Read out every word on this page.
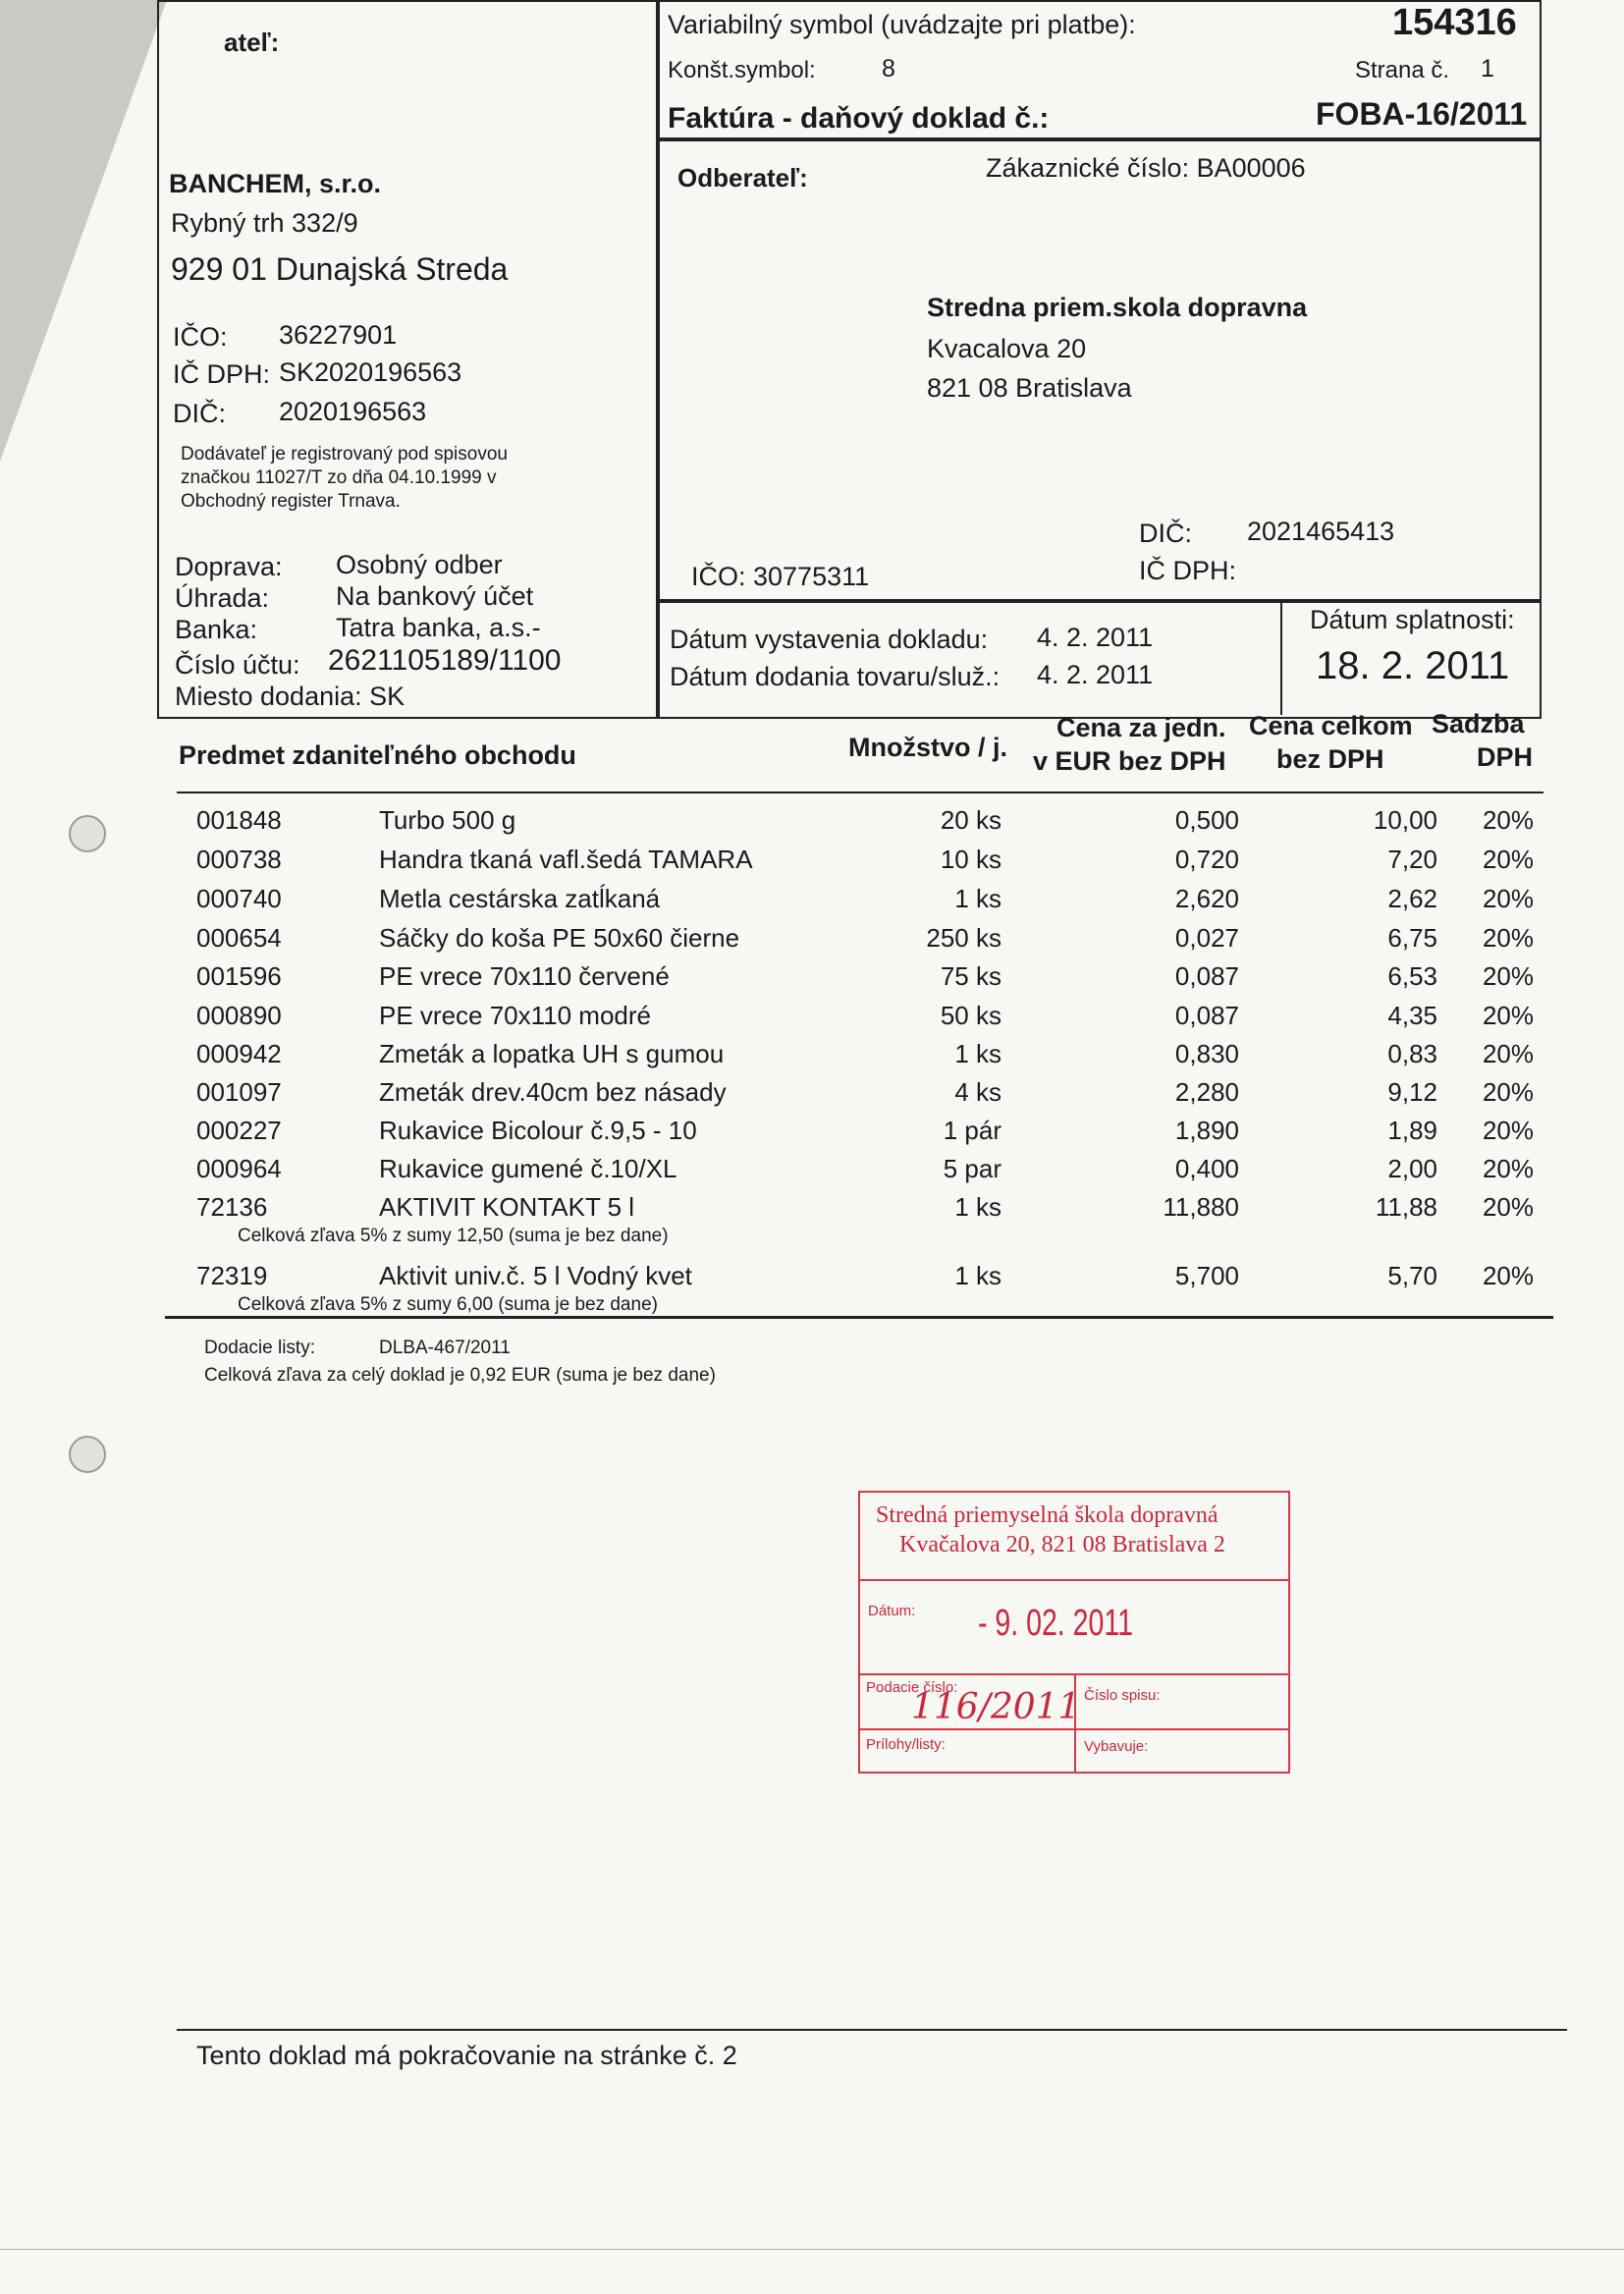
ateľ:
BANCHEM, s.r.o.
Rybný trh 332/9
929 01 Dunajská Streda
IČO: 36227901
IČ DPH: SK2020196563
DIČ: 2020196563
Dodávateľ je registrovaný pod spisovou
značkou 11027/T zo dňa 04.10.1999 v
Obchodný register Trnava.
Doprava: Osobný odber
Úhrada:	Na bankový účet
Banka:	Tatra banka, a.s.-
Číslo účtu: 2621105189/1100
Miesto dodania: SK
Variabilný symbol (uvádzajte pri platbe):	154316
Konšt.symbol:	8	Strana č. 1
Faktúra - daňový doklad č.:	FOBA-16/2011
Odberateľ:	Zákaznické číslo: BA00006
Stredna priem.skola dopravna
Kvacalova 20
821 08 Bratislava
DIČ: 2021465413
IČO: 30775311	IČ DPH:
Dátum vystavenia dokladu: 4. 2. 2011
Dátum dodania tovaru/služ.: 4. 2. 2011
Dátum splatnosti:
18. 2. 2011
Predmet zdaniteľného obchodu	Množstvo / j.
Cena za jedn.
v EUR bez DPH
Cena celkom
bez DPH
Sadzba
DPH
001848	Turbo 500 g	20 ks	0,500	10,00	20%
000738	Handra tkaná vafl.šedá TAMARA	10 ks	0,720	7,20	20%
000740	Metla cestárska zatĺkaná	1 ks	2,620	2,62	20%
000654	Sáčky do koša PE 50x60 čierne	250 ks	0,027	6,75	20%
001596	PE vrece 70x110 červené	75 ks	0,087	6,53	20%
000890	PE vrece 70x110 modré	50 ks	0,087	4,35	20%
000942	Zmeták a lopatka UH s gumou	1 ks	0,830	0,83	20%
001097	Zmeták drev.40cm bez násady	4 ks	2,280	9,12	20%
000227	Rukavice Bicolour č.9,5 - 10	1 pár	1,890	1,89	20%
000964	Rukavice gumené č.10/XL	5 par	0,400	2,00	20%
72136	AKTIVIT KONTAKT 5 l	1 ks	11,880	11,88	20%
72319	Aktivit univ.č. 5 l Vodný kvet	1 ks	5,700	5,70	20%
Celková zľava 5% z sumy 12,50 (suma je bez dane)
Celková zľava 5% z sumy 6,00 (suma je bez dane)
Dodacie listy:	DLBA-467/2011
Celková zľava za celý doklad je 0,92 EUR (suma je bez dane)
Stredná priemyselná škola dopravná
Kvačalova 20, 821 08 Bratislava 2
Dátum: - 9. 02. 2011
Podacie číslo:
116/2011 Číslo spisu:
Prílohy/listy:	Vybavuje:
Tento doklad má pokračovanie na stránke č. 2
